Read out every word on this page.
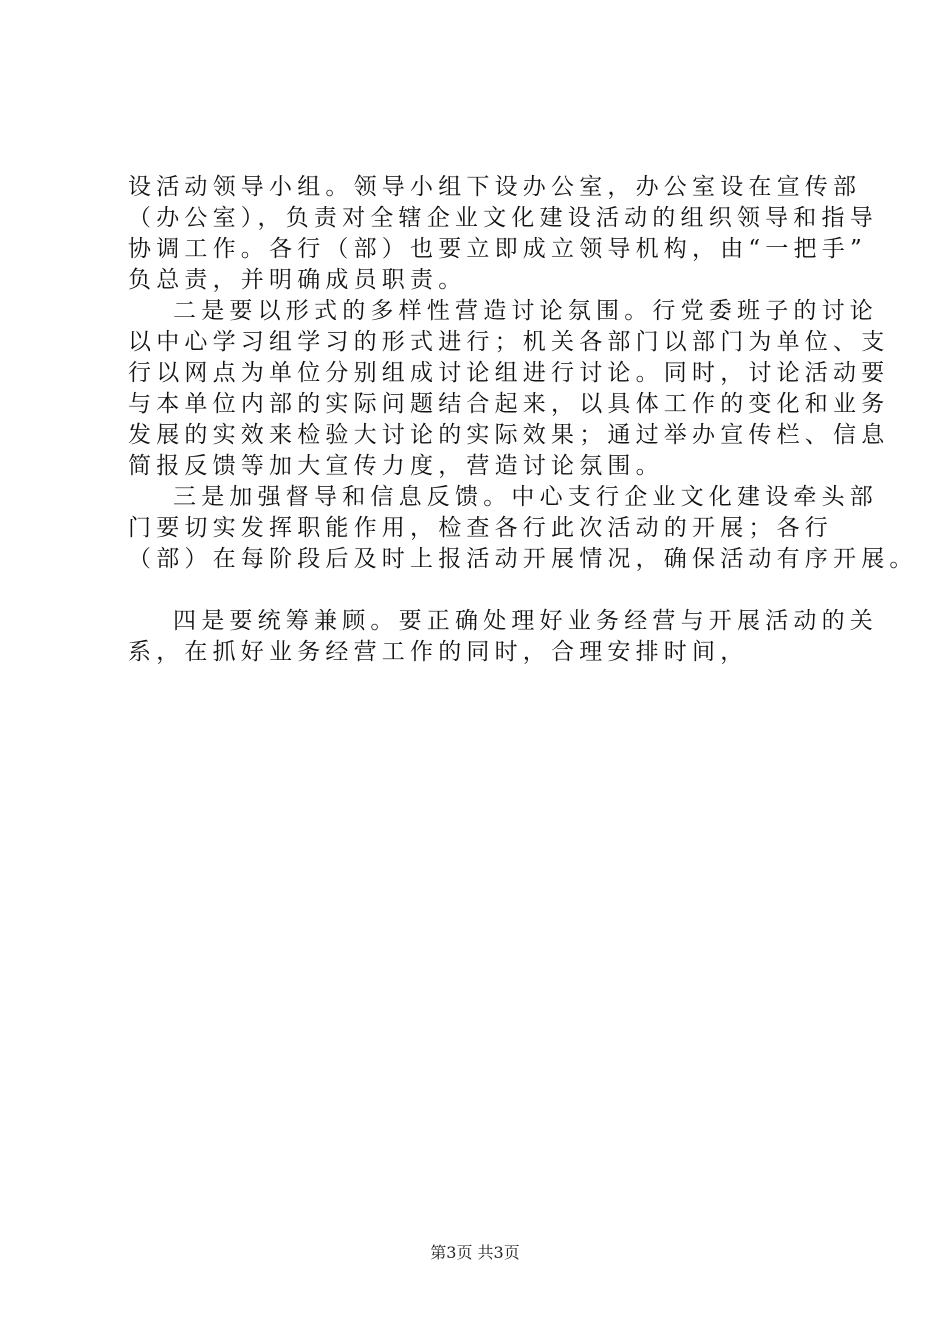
设活动领导小组。领导小组下设办公室，办公室设在宣传部
（办公室），负责对全辖企业文化建设活动的组织领导和指导
协调工作。各行（部）也要立即成立领导机构，由“一把手”
负总责，并明确成员职责。
二是要以形式的多样性营造讨论氛围。行党委班子的讨论
以中心学习组学习的形式进行；机关各部门以部门为单位、支
行以网点为单位分别组成讨论组进行讨论。同时，讨论活动要
与本单位内部的实际问题结合起来，以具体工作的变化和业务
发展的实效来检验大讨论的实际效果；通过举办宣传栏、信息
简报反馈等加大宣传力度，营造讨论氛围。
三是加强督导和信息反馈。中心支行企业文化建设牵头部
门要切实发挥职能作用，检查各行此次活动的开展；各行
（部）在每阶段后及时上报活动开展情况，确保活动有序开展。
四是要统筹兼顾。要正确处理好业务经营与开展活动的关
系，在抓好业务经营工作的同时，合理安排时间，
第3页 共3页
